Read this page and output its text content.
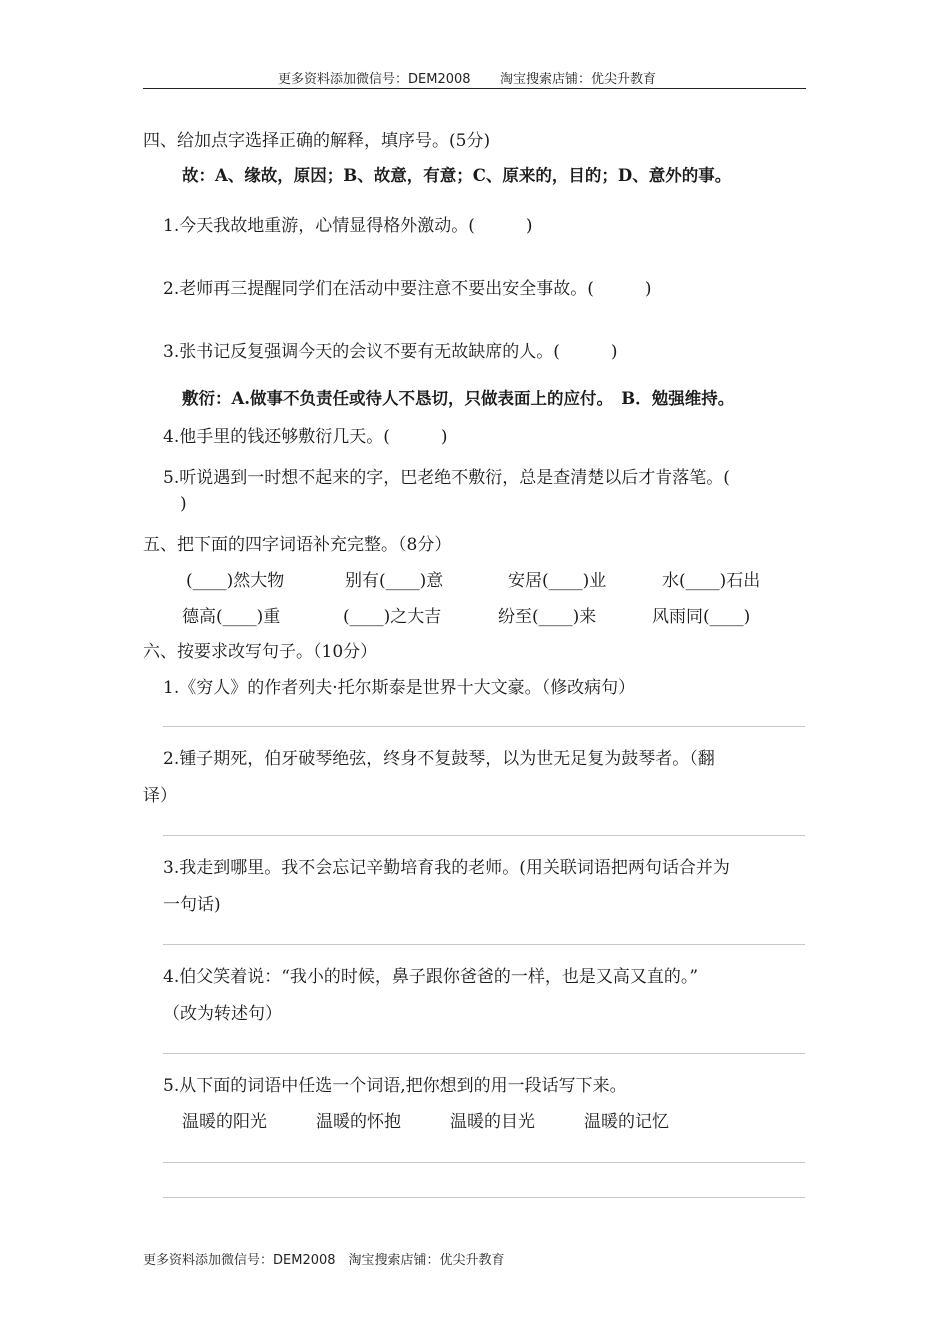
更多资料添加微信号：DEM2008 淘宝搜索店铺：优尖升教育
四、给加点字选择正确的解释，填序号。(5分)
故：A、缘故，原因；B、故意，有意；C、原来的，目的；D、意外的事。
1.今天我故地重游，心情显得格外激动。(　　　)
2.老师再三提醒同学们在活动中要注意不要出安全事故。(　　　)
3.张书记反复强调今天的会议不要有无故缺席的人。(　　　)
敷衍：A.做事不负责任或待人不恳切，只做表面上的应付。　B．勉强维持。
4.他手里的钱还够敷衍几天。(　　　)
5.听说遇到一时想不起来的字，巴老绝不敷衍，总是查清楚以后才肯落笔。(
)
五、把下面的四字词语补充完整。（8分）
(____)然大物	别有(____)意	安居(____)业	水(____)石出
德高(____)重	(____)之大吉	纷至(____)来	风雨同(____)
六、按要求改写句子。（10分）
1.《穷人》的作者列夫·托尔斯泰是世界十大文豪。（修改病句）
2.锺子期死，伯牙破琴绝弦，终身不复鼓琴，以为世无足复为鼓琴者。（翻
译）
3.我走到哪里。我不会忘记辛勤培育我的老师。(用关联词语把两句话合并为
一句话)
4.伯父笑着说：“我小的时候，鼻子跟你爸爸的一样，也是又高又直的。”
（改为转述句）
5.从下面的词语中任选一个词语,把你想到的用一段话写下来。
温暖的阳光	温暖的怀抱	温暖的目光	温暖的记忆
更多资料添加微信号：DEM2008　淘宝搜索店铺：优尖升教育
